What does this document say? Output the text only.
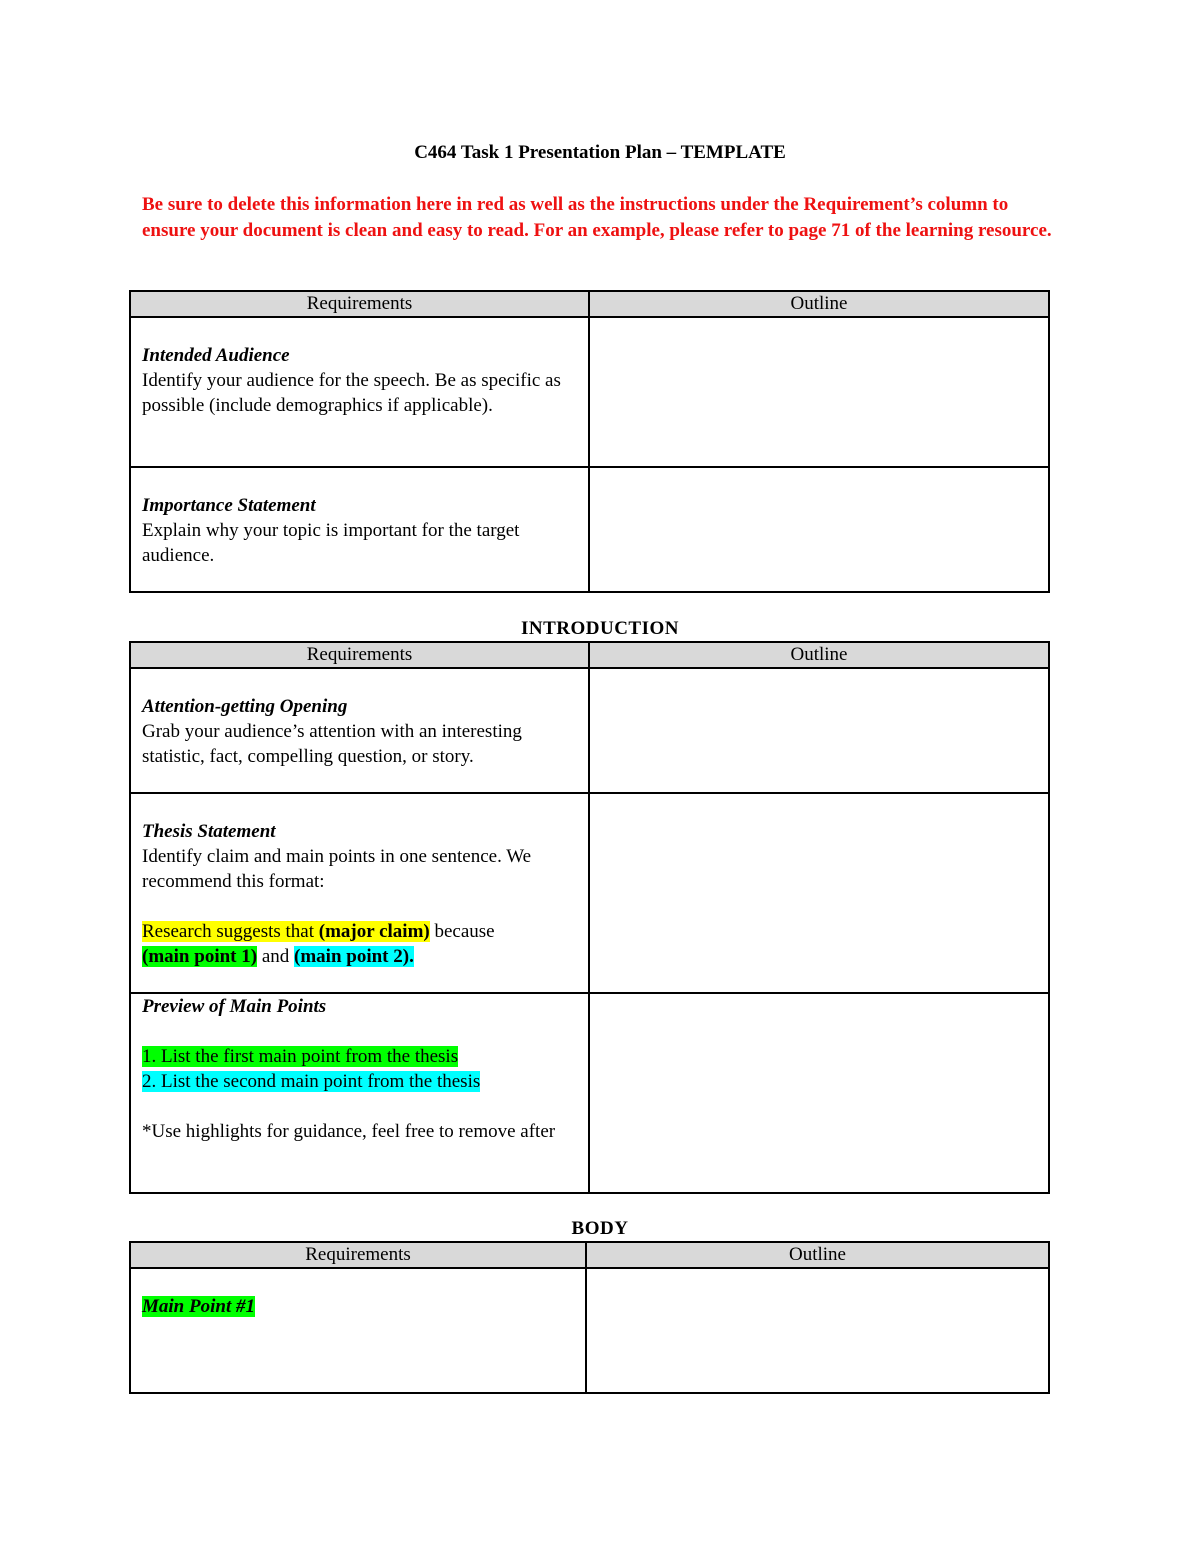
C464 Task 1 Presentation Plan – TEMPLATE
Be sure to delete this information here in red as well as the instructions under the Requirement’s column to ensure your document is clean and easy to read. For an example, please refer to page 71 of the learning resource.
Requirements	Outline

Intended Audience
Identify your audience for the speech. Be as specific as possible (include demographics if applicable).	

Importance Statement
Explain why your topic is important for the target audience.	

INTRODUCTION
Requirements	Outline

Attention-getting Opening
Grab your audience’s attention with an interesting statistic, fact, compelling question, or story.	

Thesis Statement
Identify claim and main points in one sentence. We recommend this format:
Research suggests that (major claim) because
(main point 1) and (main point 2).	

Preview of Main Points
1. List the first main point from the thesis
2. List the second main point from the thesis
*Use highlights for guidance, feel free to remove after	

BODY
Requirements	Outline

Main Point #1	
